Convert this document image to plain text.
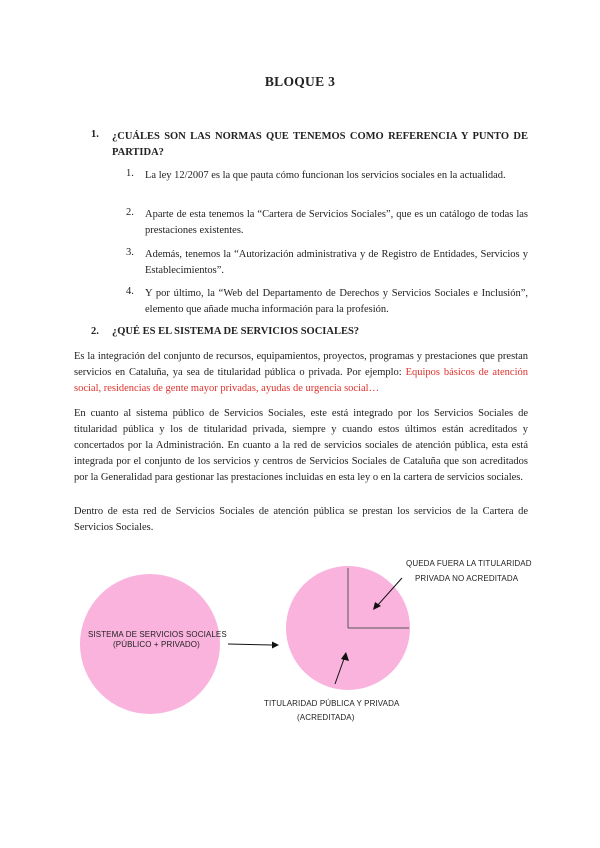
BLOQUE 3
1. ¿CUÁLES SON LAS NORMAS QUE TENEMOS COMO REFERENCIA Y PUNTO DE PARTIDA?
1. La ley 12/2007 es la que pauta cómo funcionan los servicios sociales en la actualidad.
2. Aparte de esta tenemos la “Cartera de Servicios Sociales”, que es un catálogo de todas las prestaciones existentes.
3. Además, tenemos la “Autorización administrativa y de Registro de Entidades, Servicios y Establecimientos”.
4. Y por último, la “Web del Departamento de Derechos y Servicios Sociales e Inclusión”, elemento que añade mucha información para la profesión.
2. ¿QUÉ ES EL SISTEMA DE SERVICIOS SOCIALES?
Es la integración del conjunto de recursos, equipamientos, proyectos, programas y prestaciones que prestan servicios en Cataluña, ya sea de titularidad pública o privada. Por ejemplo: Equipos básicos de atención social, residencias de gente mayor privadas, ayudas de urgencia social…
En cuanto al sistema público de Servicios Sociales, este está integrado por los Servicios Sociales de titularidad pública y los de titularidad privada, siempre y cuando estos últimos están acreditados y concertados por la Administración. En cuanto a la red de servicios sociales de atención pública, esta está integrada por el conjunto de los servicios y centros de Servicios Sociales de Cataluña que son acreditados por la Generalidad para gestionar las prestaciones incluidas en esta ley o en la cartera de servicios sociales.
Dentro de esta red de Servicios Sociales de atención pública se prestan los servicios de la Cartera de Servicios Sociales.
SISTEMA DE SERVICIOS SOCIALES
(PÚBLICO + PRIVADO)
QUEDA FUERA LA TITULARIDAD
PRIVADA NO ACREDITADA
TITULARIDAD PÚBLICA Y PRIVADA
(ACREDITADA)
